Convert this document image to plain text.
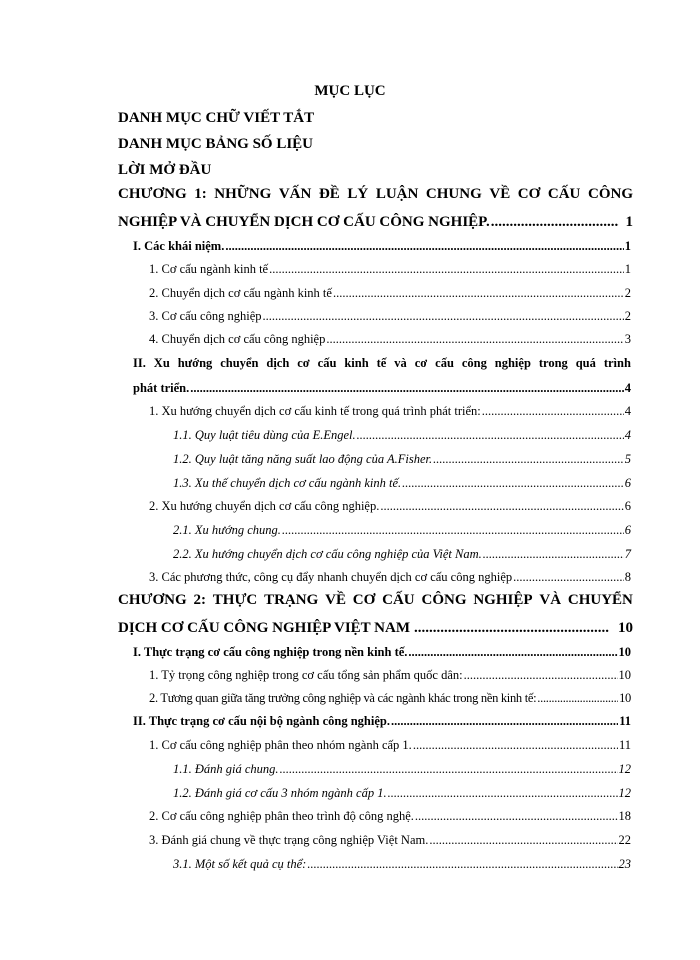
MỤC LỤC
DANH MỤC CHỮ VIẾT TẮT
DANH MỤC BẢNG SỐ LIỆU
LỜI MỞ ĐẦU
CHƯƠNG 1: NHỮNG VẤN ĐỀ LÝ LUẬN CHUNG VỀ CƠ CẤU CÔNG
NGHIỆP VÀ CHUYỂN DỊCH CƠ CẤU CÔNG NGHIỆP. .....	1
I. Các khái niệm. .....	1
1. Cơ cấu ngành kinh tế .....	1
2. Chuyển dịch cơ cấu ngành kinh tế .....	2
3. Cơ cấu công nghiệp .....	2
4. Chuyển dịch cơ cấu công nghiệp .....	3
II. Xu hướng chuyển dịch cơ cấu kinh tế và cơ cấu công nghiệp trong quá trình
phát triển. .....	4
1. Xu hướng chuyển dịch cơ cấu kinh tế trong quá trình phát triển: .....	4
1.1. Quy luật tiêu dùng của E.Engel. .....	4
1.2. Quy luật tăng năng suất lao động của A.Fisher. .....	5
1.3. Xu thế chuyển dịch cơ cấu ngành kinh tế. .....	6
2. Xu hướng chuyển dịch cơ cấu công nghiệp. .....	6
2.1. Xu hướng chung. .....	6
2.2. Xu hướng chuyển dịch cơ cấu công nghiệp của Việt Nam. .....	7
3. Các phương thức, công cụ đẩy nhanh chuyển dịch cơ cấu công nghiệp .....	8
CHƯƠNG 2: THỰC TRẠNG VỀ CƠ CẤU CÔNG NGHIỆP VÀ CHUYỂN
DỊCH CƠ CẤU CÔNG NGHIỆP VIỆT NAM .....	10
I. Thực trạng cơ cấu công nghiệp trong nền kinh tế. .....	10
1. Tỷ trọng công nghiệp trong cơ cấu tổng sản phẩm quốc dân: .....	10
2. Tương quan giữa tăng trưởng công nghiệp và các ngành khác trong nền kinh tế: .....	10
II. Thực trạng cơ cấu nội bộ ngành công nghiệp. .....	11
1. Cơ cấu công nghiệp phân theo nhóm ngành cấp 1. .....	11
1.1. Đánh giá chung. .....	12
1.2. Đánh giá cơ cấu 3 nhóm ngành cấp 1. .....	12
2. Cơ cấu công nghiệp phân theo trình độ công nghệ. .....	18
3. Đánh giá chung về thực trạng công nghiệp Việt Nam. .....	22
3.1. Một số kết quả cụ thể: .....	23
